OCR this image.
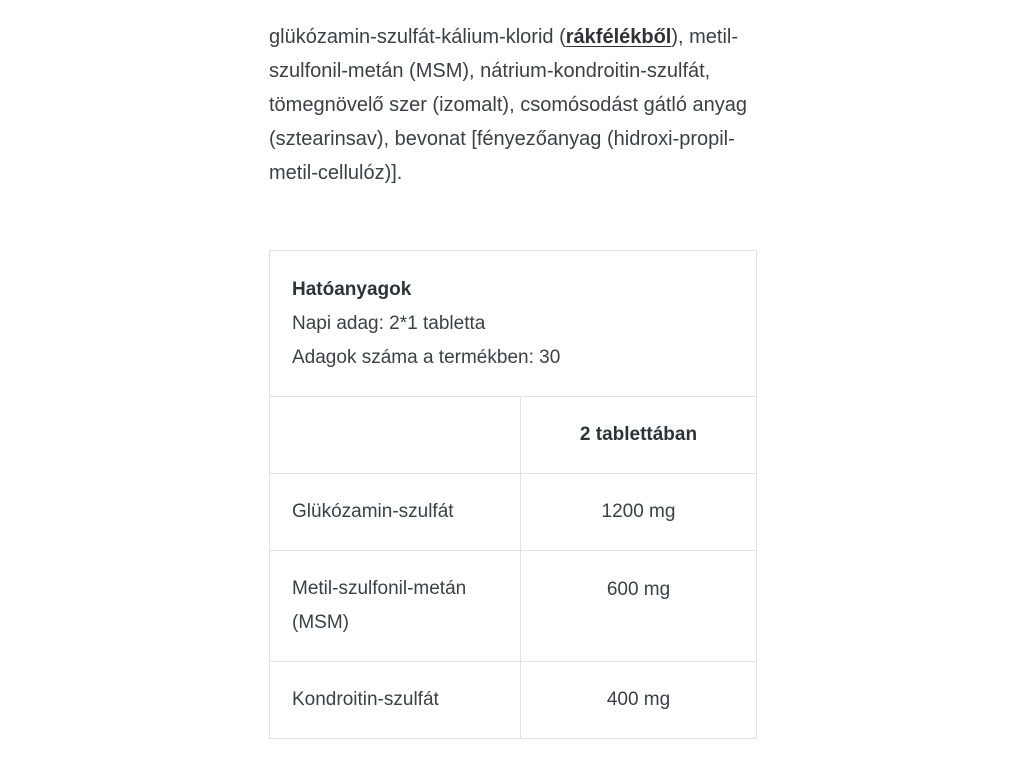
glükózamin-szulfát-kálium-klorid (rákfélékből), metil-szulfonil-metán (MSM), nátrium-kondroitin-szulfát, tömegnövelő szer (izomalt), csomósodást gátló anyag (sztearinsav), bevonat [fényezőanyag (hidroxi-propil-metil-cellulóz)].

Hatóanyagok
Napi adag: 2*1 tabletta
Adagok száma a termékben: 30	

	2 tablettában
Glükózamin-szulfát	1200 mg
Metil-szulfonil-metán (MSM)	600 mg
Kondroitin-szulfát	400 mg
